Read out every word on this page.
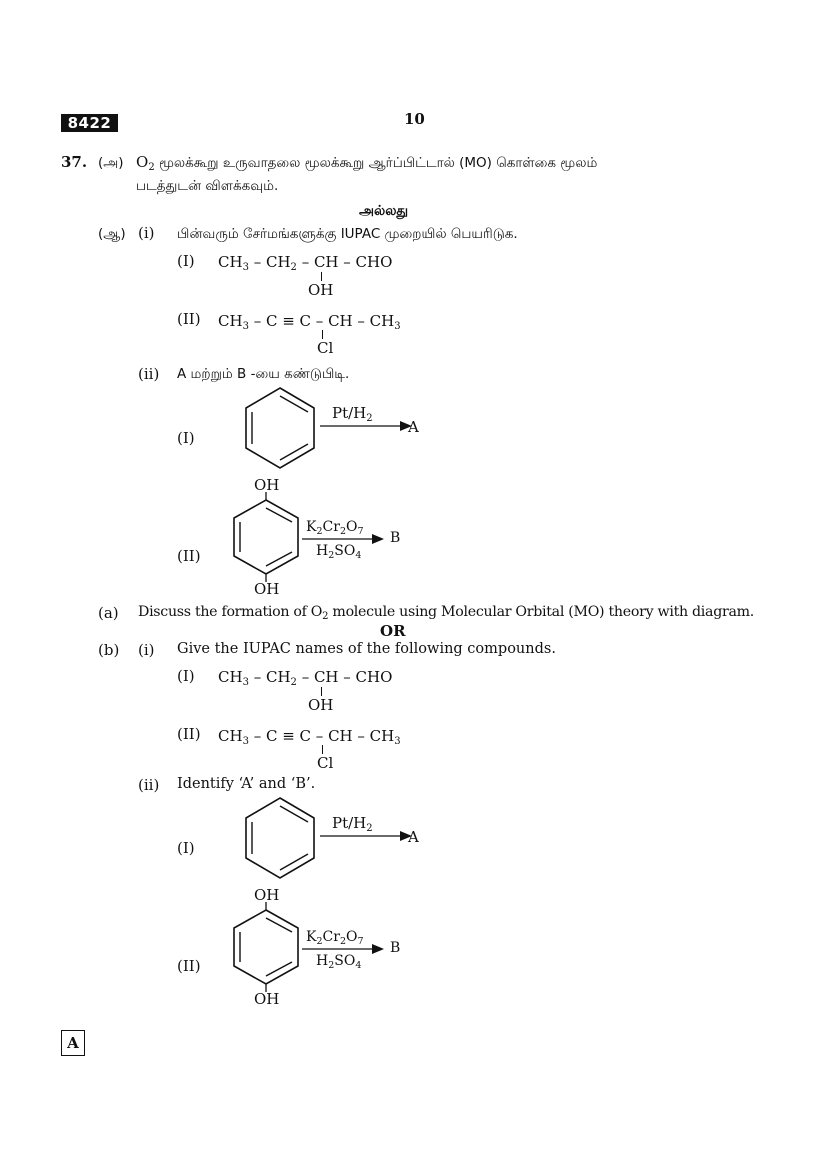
8422	10
37. (அ) $O_2$ மூலக்கூறு உருவாதலை மூலக்கூறு ஆர்ப்பிட்டால் (MO) கொள்கை மூலம்
படத்துடன் விளக்கவும்.
அல்லது
(ஆ) (i) பின்வரும் சேர்மங்களுக்கு IUPAC முறையில் பெயரிடுக.
(I) $CH_3 - CH_2$ – CH – CHO
OH
(II) $CH_3 - C \equiv C$ – CH – $CH_3$
Cl
(ii) A மற்றும் B -யை கண்டுபிடி.
(I)
$Pt/H_2$ A
OH
(II)
$K_2Cr_2O_7$
$H_2SO_4$
B
OH
(a) Discuss the formation of $O_2$ molecule using Molecular Orbital (MO) theory with diagram.
OR
(b) (i) Give the IUPAC names of the following compounds.
(I) $CH_3 - CH_2$ – CH – CHO
OH
(II) $CH_3 - C \equiv C$ – CH – $CH_3$
Cl
(ii) Identify ‘A’ and ‘B’.
(I)
$Pt/H_2$ A
OH
(II)
$K_2Cr_2O_7$
$H_2SO_4$
B
OH
A
